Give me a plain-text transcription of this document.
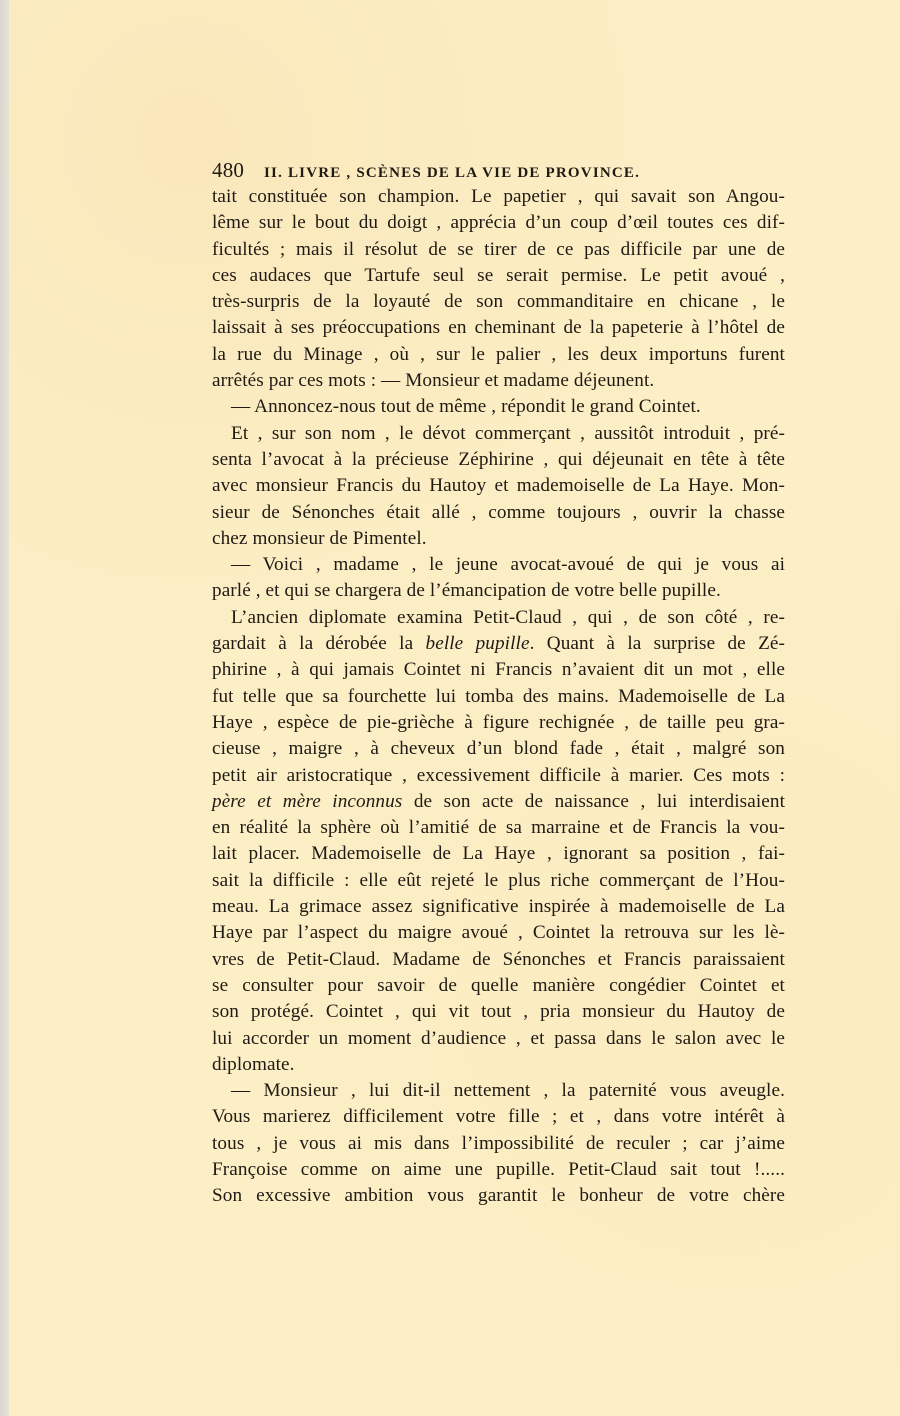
480	II. LIVRE , SCÈNES DE LA VIE DE PROVINCE.
tait constituée son champion. Le papetier , qui savait son Angou-
lême sur le bout du doigt , apprécia d’un coup d’œil toutes ces dif-
ficultés ; mais il résolut de se tirer de ce pas difficile par une de
ces audaces que Tartufe seul se serait permise. Le petit avoué ,
très-surpris de la loyauté de son commanditaire en chicane , le
laissait à ses préoccupations en cheminant de la papeterie à l’hôtel de
la rue du Minage , où , sur le palier , les deux importuns furent
arrêtés par ces mots : — Monsieur et madame déjeunent.
— Annoncez-nous tout de même , répondit le grand Cointet.
Et , sur son nom , le dévot commerçant , aussitôt introduit , pré-
senta l’avocat à la précieuse Zéphirine , qui déjeunait en tête à tête
avec monsieur Francis du Hautoy et mademoiselle de La Haye. Mon-
sieur de Sénonches était allé , comme toujours , ouvrir la chasse
chez monsieur de Pimentel.
— Voici , madame , le jeune avocat-avoué de qui je vous ai
parlé , et qui se chargera de l’émancipation de votre belle pupille.
L’ancien diplomate examina Petit-Claud , qui , de son côté , re-
gardait à la dérobée la belle pupille. Quant à la surprise de Zé-
phirine , à qui jamais Cointet ni Francis n’avaient dit un mot , elle
fut telle que sa fourchette lui tomba des mains. Mademoiselle de La
Haye , espèce de pie-grièche à figure rechignée , de taille peu gra-
cieuse , maigre , à cheveux d’un blond fade , était , malgré son
petit air aristocratique , excessivement difficile à marier. Ces mots :
père et mère inconnus de son acte de naissance , lui interdisaient
en réalité la sphère où l’amitié de sa marraine et de Francis la vou-
lait placer. Mademoiselle de La Haye , ignorant sa position , fai-
sait la difficile : elle eût rejeté le plus riche commerçant de l’Hou-
meau. La grimace assez significative inspirée à mademoiselle de La
Haye par l’aspect du maigre avoué , Cointet la retrouva sur les lè-
vres de Petit-Claud. Madame de Sénonches et Francis paraissaient
se consulter pour savoir de quelle manière congédier Cointet et
son protégé. Cointet , qui vit tout , pria monsieur du Hautoy de
lui accorder un moment d’audience , et passa dans le salon avec le
diplomate.
— Monsieur , lui dit-il nettement , la paternité vous aveugle.
Vous marierez difficilement votre fille ; et , dans votre intérêt à
tous , je vous ai mis dans l’impossibilité de reculer ; car j’aime
Françoise comme on aime une pupille. Petit-Claud sait tout !.....
Son excessive ambition vous garantit le bonheur de votre chère
